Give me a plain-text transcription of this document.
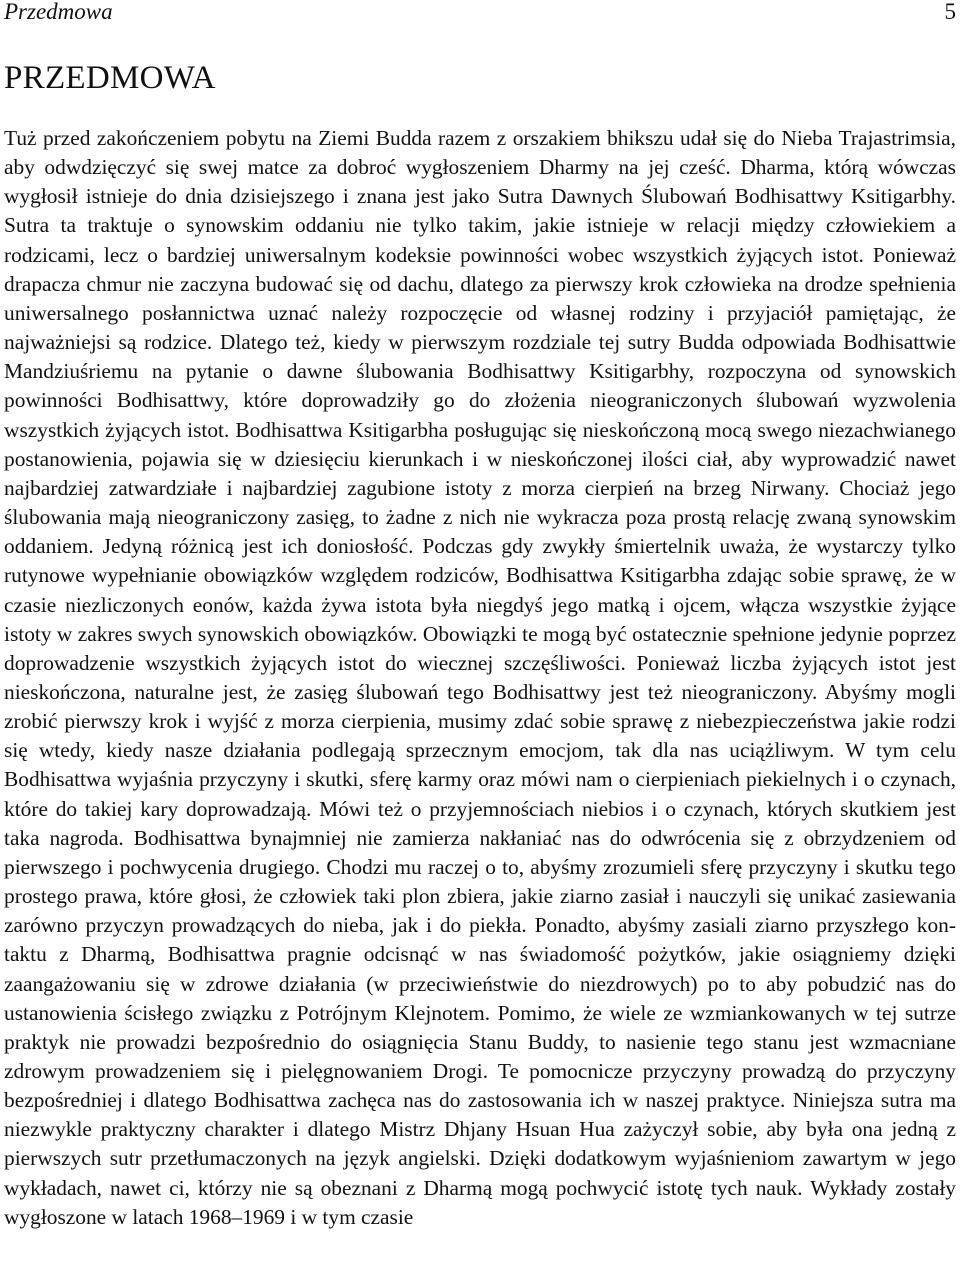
Przedmowa	5
PRZEDMOWA

Tuż przed zakończeniem pobytu na Ziemi Budda razem z orszakiem bhikszu udał się do Nieba Trajastrimsia, aby odwdzięczyć się swej matce za dobroć wygłoszeniem Dharmy na jej cześć. Dharma, którą wówczas wygłosił istnieje do dnia dzisiejszego i znana jest jako Sutra Dawnych Ślubowań Bodhisattwy Ksitigarbhy. Sutra ta traktuje o synowskim oddaniu nie tylko takim, jakie istnieje w relacji między człowiekiem a rodzicami, lecz o bardziej uniwersalnym kodeksie powinności wobec wszystkich żyjących istot. Ponieważ drapacza chmur nie zaczyna budować się od dachu, dlatego za pierwszy krok człowieka na drodze spełnienia uniwersalnego posłannictwa uznać należy rozpoczęcie od własnej rodziny i przyjaciół pamiętając, że najważniejsi są rodzice. Dlatego też, kiedy w pierwszym rozdziale tej sutry Budda odpowiada Bodhisattwie Mandziuśriemu na pytanie o dawne ślubowania Bodhisattwy Ksitigarbhy, rozpoczyna od synowskich powinności Bodhisattwy, które doprowadziły go do złożenia nieograniczonych ślubowań wyzwolenia wszystkich żyjących istot. Bodhisattwa Ksitigarbha posługując się nieskończoną mocą swego niezachwianego postanowienia, pojawia się w dziesięciu kierunkach i w nieskończonej ilości ciał, aby wyprowadzić nawet najbardziej zatwardziałe i najbardziej zagubione istoty z morza cierpień na brzeg Nirwany. Chociaż jego ślubowania mają nieograniczony zasięg, to żadne z nich nie wykracza poza prostą relację zwaną synowskim oddaniem. Jedyną różnicą jest ich doniosłość. Podczas gdy zwykły śmiertelnik uważa, że wystarczy tylko rutynowe wypełnianie obowiązków względem rodziców, Bodhisattwa Ksitigarbha zdając sobie sprawę, że w czasie niezliczonych eonów, każda żywa istota była niegdyś jego matką i ojcem, włącza wszystkie żyjące istoty w zakres swych synowskich obowiązków. Obowiązki te mogą być ostatecznie spełnione jedynie poprzez doprowadzenie wszystkich żyjących istot do wiecznej szczęśliwości. Ponieważ liczba żyjących istot jest nieskończona, naturalne jest, że zasięg ślubowań tego Bodhisattwy jest też nieograniczony. Abyśmy mogli zrobić pierwszy krok i wyjść z morza cierpienia, musimy zdać sobie sprawę z niebezpieczeństwa jakie rodzi się wtedy, kiedy nasze działania podlegają sprzecznym emocjom, tak dla nas uciążliwym. W tym celu Bodhisattwa wyjaśnia przyczyny i skutki, sferę karmy oraz mówi nam o cierpieniach piekielnych i o czynach, które do takiej kary doprowadzają. Mówi też o przyjemnościach niebios i o czynach, których skutkiem jest taka nagroda. Bodhisattwa bynajmniej nie zamierza nakłaniać nas do odwrócenia się z obrzydzeniem od pierwszego i pochwycenia drugiego. Chodzi mu raczej o to, abyśmy zrozumieli sferę przyczyny i skutku tego prostego prawa, które głosi, że człowiek taki plon zbiera, jakie ziarno zasiał i nauczyli się unikać zasiewania zarówno przyczyn prowadzących do nieba, jak i do piekła. Ponadto, abyśmy zasiali ziarno przyszłego kontaktu z Dharmą, Bodhisattwa pragnie odcisnąć w nas świadomość pożytków, jakie osiągniemy dzięki zaangażowaniu się w zdrowe działania (w przeciwieństwie do niezdrowych) po to aby pobudzić nas do ustanowienia ścisłego związku z Potrójnym Klejnotem. Pomimo, że wiele ze wzmiankowanych w tej sutrze praktyk nie prowadzi bezpośrednio do osiągnięcia Stanu Buddy, to nasienie tego stanu jest wzmacniane zdrowym prowadzeniem się i pielęgnowaniem Drogi. Te pomocnicze przyczyny prowadzą do przyczyny bezpośredniej i dlatego Bodhisattwa zachęca nas do zastosowania ich w naszej praktyce. Niniejsza sutra ma niezwykle praktyczny charakter i dlatego Mistrz Dhjany Hsuan Hua zażyczył sobie, aby była ona jedną z pierwszych sutr przetłumaczonych na język angielski. Dzięki dodatkowym wyjaśnieniom zawartym w jego wykładach, nawet ci, którzy nie są obeznani z Dharmą mogą pochwycić istotę tych nauk. Wykłady zostały wygłoszone w latach 1968–1969 i w tym czasie
